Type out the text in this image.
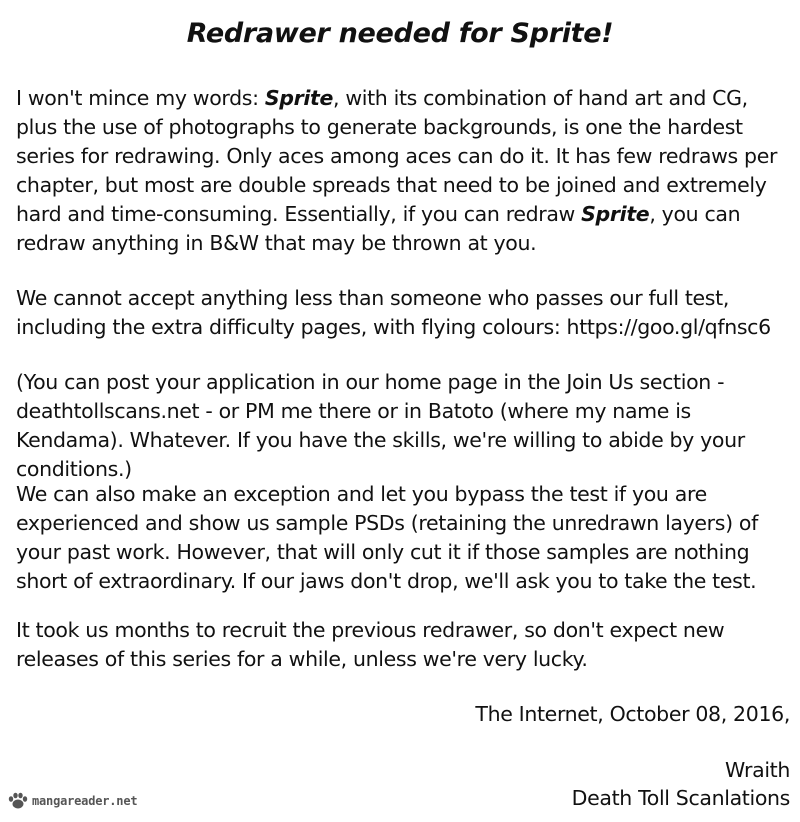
Redrawer needed for Sprite!

I won't mince my words: Sprite, with its combination of hand art and CG, plus the use of photographs to generate backgrounds, is one the hardest series for redrawing. Only aces among aces can do it. It has few redraws per chapter, but most are double spreads that need to be joined and extremely hard and time-consuming. Essentially, if you can redraw Sprite, you can redraw anything in B&W that may be thrown at you.

We cannot accept anything less than someone who passes our full test, including the extra difficulty pages, with flying colours: https://goo.gl/qfnsc6

(You can post your application in our home page in the Join Us section - deathtollscans.net - or PM me there or in Batoto (where my name is Kendama). Whatever. If you have the skills, we're willing to abide by your conditions.)

We can also make an exception and let you bypass the test if you are experienced and show us sample PSDs (retaining the unredrawn layers) of your past work. However, that will only cut it if those samples are nothing short of extraordinary. If our jaws don't drop, we'll ask you to take the test.

It took us months to recruit the previous redrawer, so don't expect new releases of this series for a while, unless we're very lucky.

The Internet, October 08, 2016,
Wraith
Death Toll Scanlations
mangareader.net
